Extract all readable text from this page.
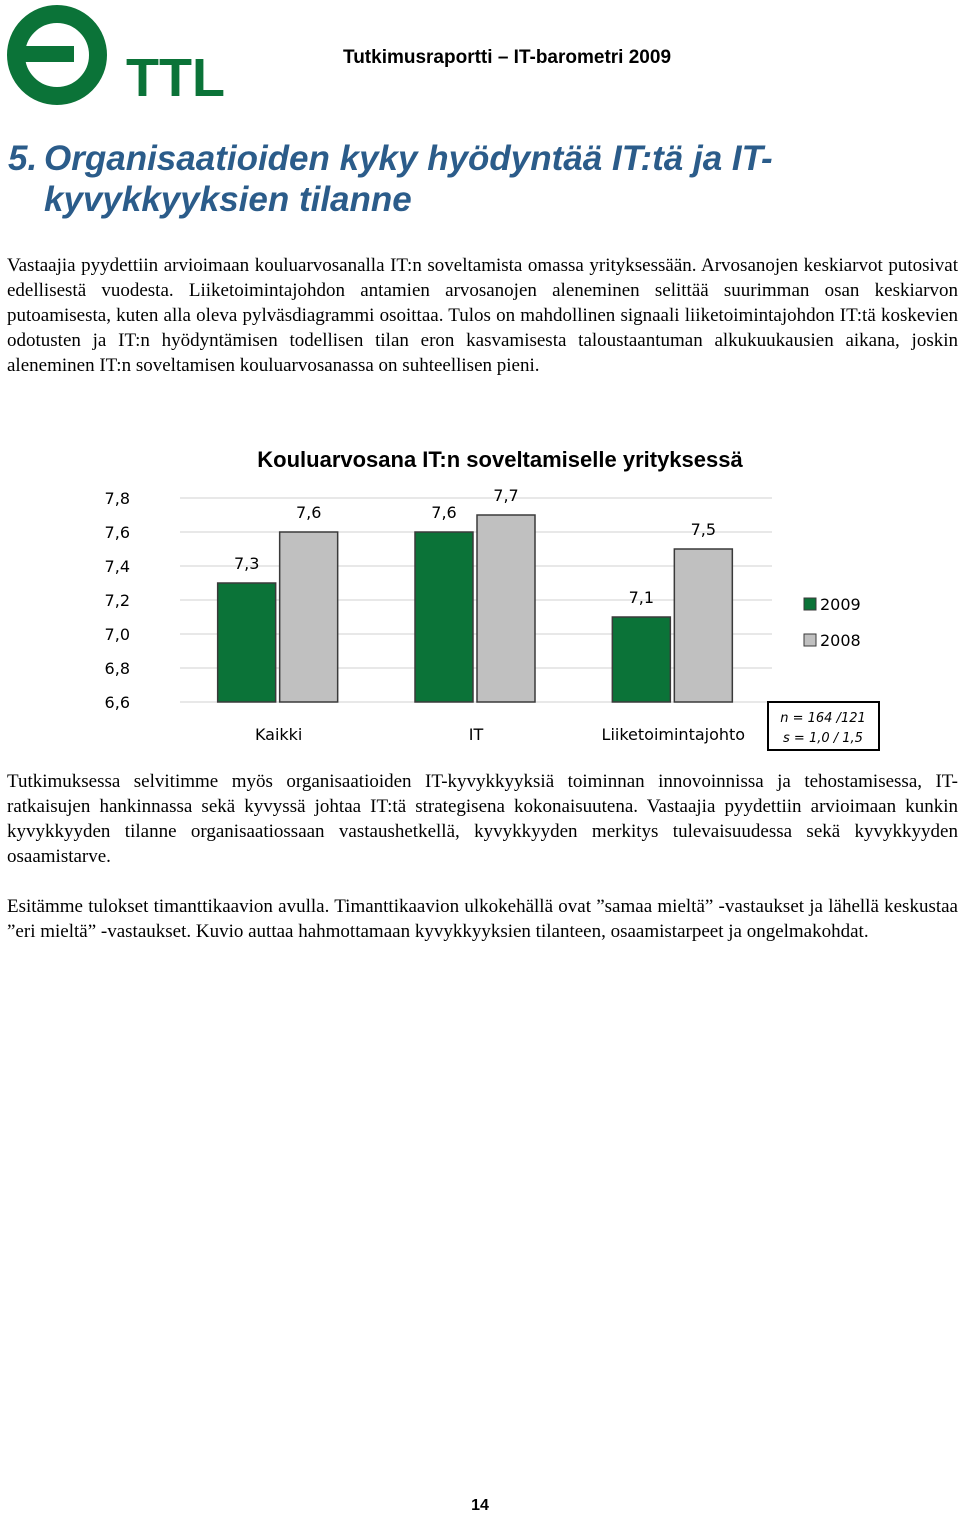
TTL	Tutkimusraportti – IT-barometri 2009
5. Organisaatioiden kyky hyödyntää IT:tä ja IT-
kyvykkyyksien tilanne

Vastaajia pyydettiin arvioimaan kouluarvosanalla IT:n soveltamista omassa yrityksessään. Arvosanojen keskiarvot putosivat edellisestä vuodesta. Liiketoimintajohdon antamien arvosanojen aleneminen selittää suurimman osan keskiarvon putoamisesta, kuten alla oleva pylväsdiagrammi osoittaa. Tulos on mahdollinen signaali liiketoimintajohdon IT:tä koskevien odotusten ja IT:n hyödyntämisen todellisen tilan eron kasvamisesta taloustaantuman alkukuukausien aikana, joskin aleneminen IT:n soveltamisen kouluarvosanassa on suhteellisen pieni.

Kouluarvosana IT:n soveltamiselle yrityksessä
6,6
6,8
7,0
7,2
7,4
7,6
7,8
7,3
7,6
Kaikki
7,6
7,7
IT
7,1
7,5
Liiketoimintajohto
2009
2008
n = 164 /121
s = 1,0 / 1,5

Tutkimuksessa selvitimme myös organisaatioiden IT-kyvykkyyksiä toiminnan innovoinnissa ja tehostamisessa, IT-ratkaisujen hankinnassa sekä kyvyssä johtaa IT:tä strategisena kokonaisuutena. Vastaajia pyydettiin arvioimaan kunkin kyvykkyyden tilanne organisaatiossaan vastaushetkellä, kyvykkyyden merkitys tulevaisuudessa sekä kyvykkyyden osaamistarve.

Esitämme tulokset timanttikaavion avulla. Timanttikaavion ulkokehällä ovat ”samaa mieltä” -vastaukset ja lähellä keskustaa ”eri mieltä” -vastaukset. Kuvio auttaa hahmottamaan kyvykkyyksien tilanteen, osaamistarpeet ja ongelmakohdat.

14
